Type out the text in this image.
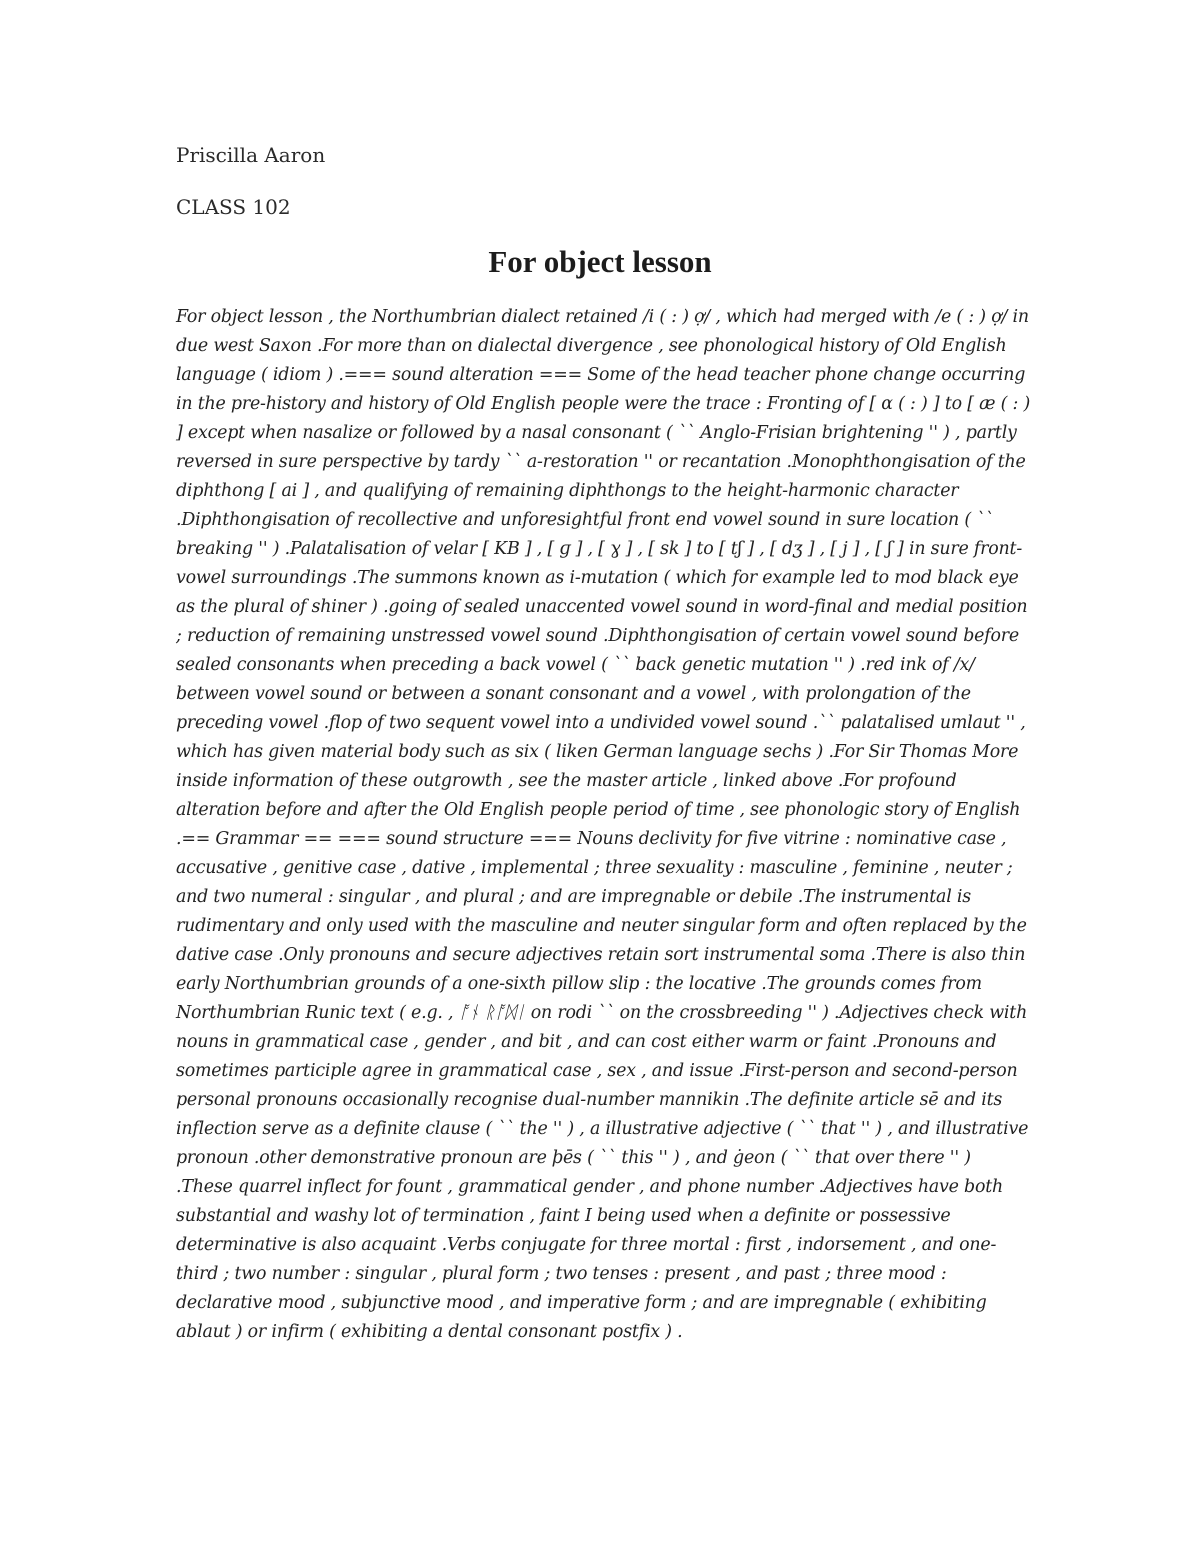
Priscilla Aaron

CLASS 102

For object lesson

For object lesson , the Northumbrian dialect retained /i ( : ) ợ/ , which had merged with /e ( : ) ợ/ in due west Saxon .For more than on dialectal divergence , see phonological history of Old English language ( idiom ) .=== sound alteration === Some of the head teacher phone change occurring in the pre-history and history of Old English people were the trace : Fronting of [ ɑ ( : ) ] to [ æ ( : ) ] except when nasalize or followed by a nasal consonant ( `` Anglo-Frisian brightening '' ) , partly reversed in sure perspective by tardy `` a-restoration '' or recantation .Monophthongisation of the diphthong [ ai ] , and qualifying of remaining diphthongs to the height-harmonic character .Diphthongisation of recollective and unforesightful front end vowel sound in sure location ( `` breaking '' ) .Palatalisation of velar [ KB ] , [ ɡ ] , [ ɣ ] , [ sk ] to [ tʃ ] , [ dʒ ] , [ j ] , [ ʃ ] in sure front-vowel surroundings .The summons known as i-mutation ( which for example led to mod black eye as the plural of shiner ) .going of sealed unaccented vowel sound in word-final and medial position ; reduction of remaining unstressed vowel sound .Diphthongisation of certain vowel sound before sealed consonants when preceding a back vowel ( `` back genetic mutation '' ) .red ink of /x/ between vowel sound or between a sonant consonant and a vowel , with prolongation of the preceding vowel .flop of two sequent vowel into a undivided vowel sound .`` palatalised umlaut '' , which has given material body such as six ( liken German language sechs ) .For Sir Thomas More inside information of these outgrowth , see the master article , linked above .For profound alteration before and after the Old English people period of time , see phonologic story of English .== Grammar == === sound structure === Nouns declivity for five vitrine : nominative case , accusative , genitive case , dative , implemental ; three sexuality : masculine , feminine , neuter ; and two numeral : singular , and plural ; and are impregnable or debile .The instrumental is rudimentary and only used with the masculine and neuter singular form and often replaced by the dative case .Only pronouns and secure adjectives retain sort instrumental soma .There is also thin early Northumbrian grounds of a one-sixth pillow slip : the locative .The grounds comes from Northumbrian Runic text ( e.g. , ᚩᚾ ᚱᚩᛞᛁ on rodi `` on the crossbreeding '' ) .Adjectives check with nouns in grammatical case , gender , and bit , and can cost either warm or faint .Pronouns and sometimes participle agree in grammatical case , sex , and issue .First-person and second-person personal pronouns occasionally recognise dual-number mannikin .The definite article sē and its inflection serve as a definite clause ( `` the '' ) , a illustrative adjective ( `` that '' ) , and illustrative pronoun .other demonstrative pronoun are þēs ( `` this '' ) , and ġeon ( `` that over there '' ) .These quarrel inflect for fount , grammatical gender , and phone number .Adjectives have both substantial and washy lot of termination , faint I being used when a definite or possessive determinative is also acquaint .Verbs conjugate for three mortal : first , indorsement , and one-third ; two number : singular , plural form ; two tenses : present , and past ; three mood : declarative mood , subjunctive mood , and imperative form ; and are impregnable ( exhibiting ablaut ) or infirm ( exhibiting a dental consonant postfix ) .
